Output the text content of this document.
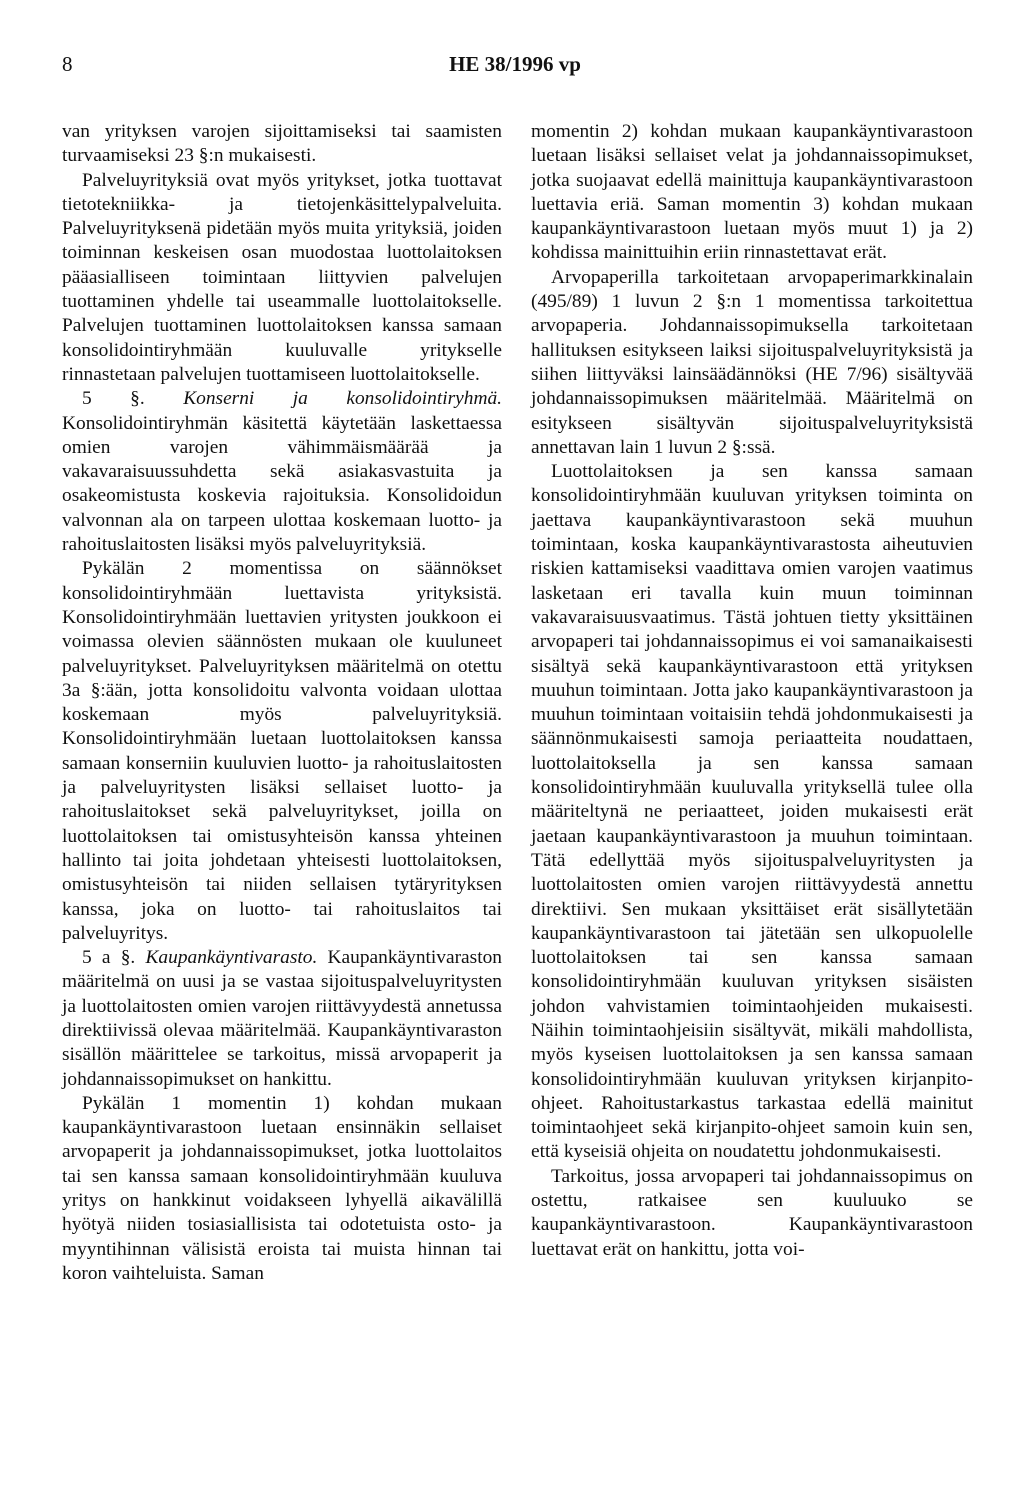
8	HE 38/1996 vp

van yrityksen varojen sijoittamiseksi tai saamisten turvaamiseksi 23 §:n mukaisesti.

Palveluyrityksiä ovat myös yritykset, jotka tuottavat tietotekniikka- ja tietojenkäsittelypalveluita. Palveluyrityksenä pidetään myös muita yrityksiä, joiden toiminnan keskeisen osan muodostaa luottolaitoksen pääasialliseen toimintaan liittyvien palvelujen tuottaminen yhdelle tai useammalle luottolaitokselle. Palvelujen tuottaminen luottolaitoksen kanssa samaan konsolidointiryhmään kuuluvalle yritykselle rinnastetaan palvelujen tuottamiseen luottolaitokselle.

5 §. Konserni ja konsolidointiryhmä. Konsolidointiryhmän käsitettä käytetään laskettaessa omien varojen vähimmäismäärää ja vakavaraisuussuhdetta sekä asiakasvastuita ja osakeomistusta koskevia rajoituksia. Konsolidoidun valvonnan ala on tarpeen ulottaa koskemaan luotto- ja rahoituslaitosten lisäksi myös palveluyrityksiä.

Pykälän 2 momentissa on säännökset konsolidointiryhmään luettavista yrityksistä. Konsolidointiryhmään luettavien yritysten joukkoon ei voimassa olevien säännösten mukaan ole kuuluneet palveluyritykset. Palveluyrityksen määritelmä on otettu 3a §:ään, jotta konsolidoitu valvonta voidaan ulottaa koskemaan myös palveluyrityksiä. Konsolidointiryhmään luetaan luottolaitoksen kanssa samaan konserniin kuuluvien luotto- ja rahoituslaitosten ja palveluyritysten lisäksi sellaiset luotto- ja rahoituslaitokset sekä palveluyritykset, joilla on luottolaitoksen tai omistusyhteisön kanssa yhteinen hallinto tai joita johdetaan yhteisesti luottolaitoksen, omistusyhteisön tai niiden sellaisen tytäryrityksen kanssa, joka on luotto- tai rahoituslaitos tai palveluyritys.

5 a §. Kaupankäyntivarasto. Kaupankäyntivaraston määritelmä on uusi ja se vastaa sijoituspalveluyritysten ja luottolaitosten omien varojen riittävyydestä annetussa direktiivissä olevaa määritelmää. Kaupankäyntivaraston sisällön määrittelee se tarkoitus, missä arvopaperit ja johdannaissopimukset on hankittu.

Pykälän 1 momentin 1) kohdan mukaan kaupankäyntivarastoon luetaan ensinnäkin sellaiset arvopaperit ja johdannaissopimukset, jotka luottolaitos tai sen kanssa samaan konsolidointiryhmään kuuluva yritys on hankkinut voidakseen lyhyellä aikavälillä hyötyä niiden tosiasiallisista tai odotetuista osto- ja myyntihinnan välisistä eroista tai muista hinnan tai koron vaihteluista. Saman

momentin 2) kohdan mukaan kaupankäyntivarastoon luetaan lisäksi sellaiset velat ja johdannaissopimukset, jotka suojaavat edellä mainittuja kaupankäyntivarastoon luettavia eriä. Saman momentin 3) kohdan mukaan kaupankäyntivarastoon luetaan myös muut 1) ja 2) kohdissa mainittuihin eriin rinnastettavat erät.

Arvopaperilla tarkoitetaan arvopaperimarkkinalain (495/89) 1 luvun 2 §:n 1 momentissa tarkoitettua arvopaperia. Johdannaissopimuksella tarkoitetaan hallituksen esitykseen laiksi sijoituspalveluyrityksistä ja siihen liittyväksi lainsäädännöksi (HE 7/96) sisältyvää johdannaissopimuksen määritelmää. Määritelmä on esitykseen sisältyvän sijoituspalveluyrityksistä annettavan lain 1 luvun 2 §:ssä.

Luottolaitoksen ja sen kanssa samaan konsolidointiryhmään kuuluvan yrityksen toiminta on jaettava kaupankäyntivarastoon sekä muuhun toimintaan, koska kaupankäyntivarastosta aiheutuvien riskien kattamiseksi vaadittava omien varojen vaatimus lasketaan eri tavalla kuin muun toiminnan vakavaraisuusvaatimus. Tästä johtuen tietty yksittäinen arvopaperi tai johdannaissopimus ei voi samanaikaisesti sisältyä sekä kaupankäyntivarastoon että yrityksen muuhun toimintaan. Jotta jako kaupankäyntivarastoon ja muuhun toimintaan voitaisiin tehdä johdonmukaisesti ja säännönmukaisesti samoja periaatteita noudattaen, luottolaitoksella ja sen kanssa samaan konsolidointiryhmään kuuluvalla yrityksellä tulee olla määriteltynä ne periaatteet, joiden mukaisesti erät jaetaan kaupankäyntivarastoon ja muuhun toimintaan. Tätä edellyttää myös sijoituspalveluyritysten ja luottolaitosten omien varojen riittävyydestä annettu direktiivi. Sen mukaan yksittäiset erät sisällytetään kaupankäyntivarastoon tai jätetään sen ulkopuolelle luottolaitoksen tai sen kanssa samaan konsolidointiryhmään kuuluvan yrityksen sisäisten johdon vahvistamien toimintaohjeiden mukaisesti. Näihin toimintaohjeisiin sisältyvät, mikäli mahdollista, myös kyseisen luottolaitoksen ja sen kanssa samaan konsolidointiryhmään kuuluvan yrityksen kirjanpito-ohjeet. Rahoitustarkastus tarkastaa edellä mainitut toimintaohjeet sekä kirjanpito-ohjeet samoin kuin sen, että kyseisiä ohjeita on noudatettu johdonmukaisesti.

Tarkoitus, jossa arvopaperi tai johdannaissopimus on ostettu, ratkaisee sen kuuluuko se kaupankäyntivarastoon. Kaupankäyntivarastoon luettavat erät on hankittu, jotta voi-
